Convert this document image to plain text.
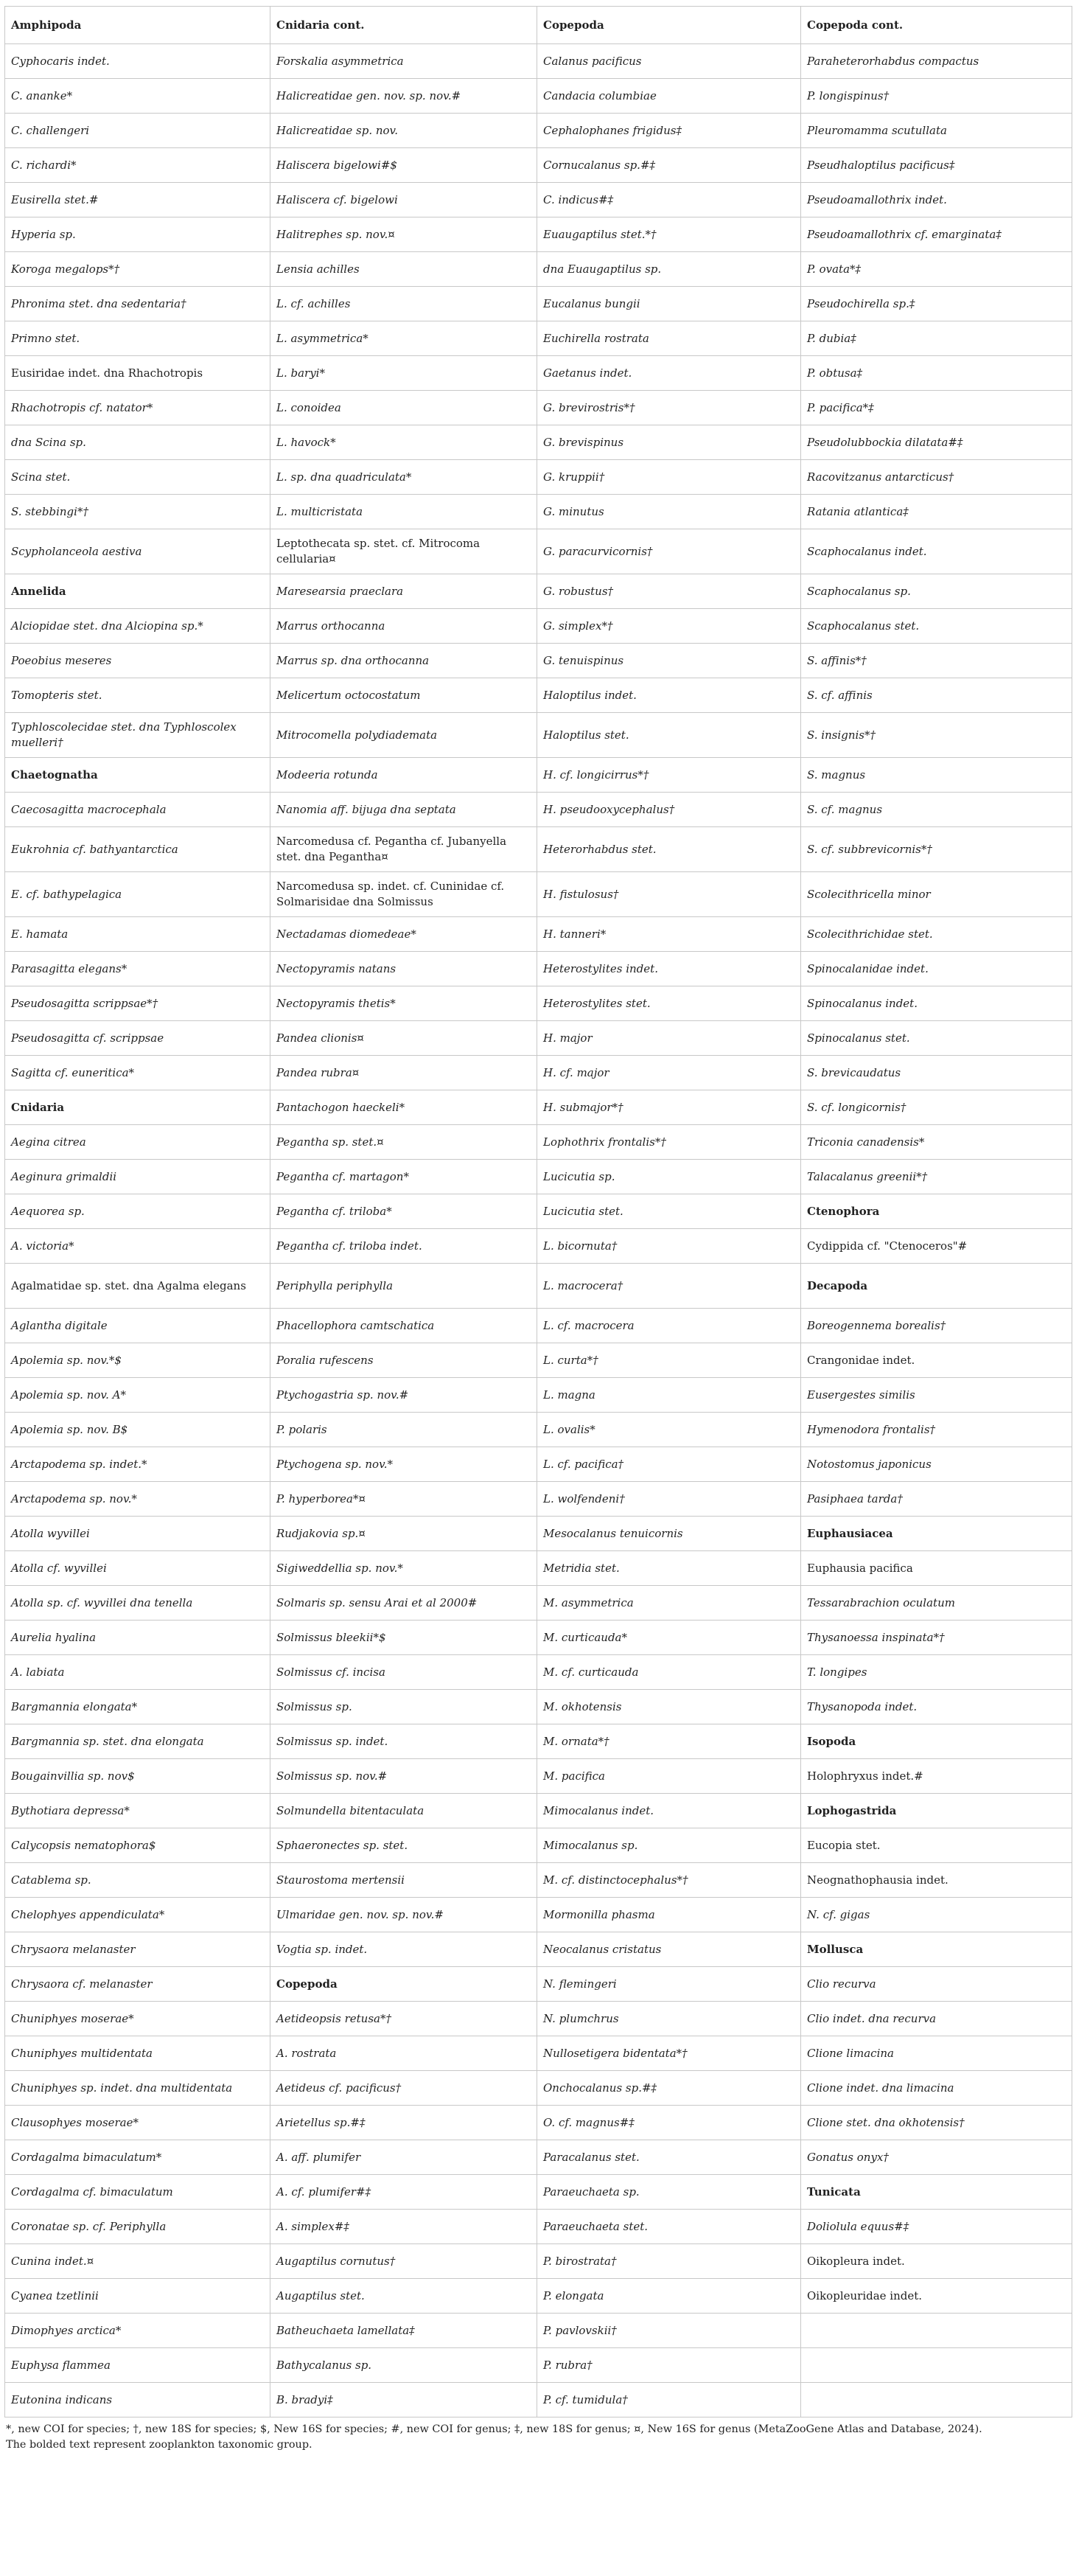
Amphipoda	Cnidaria cont.	Copepoda	Copepoda cont.
Cyphocaris indet.	Forskalia asymmetrica	Calanus pacificus	Paraheterorhabdus compactus
C. ananke*	Halicreatidae gen. nov. sp. nov.#	Candacia columbiae	P. longispinus†
C. challengeri	Halicreatidae sp. nov.	Cephalophanes frigidus‡	Pleuromamma scutullata
C. richardi*	Haliscera bigelowi#$	Cornucalanus sp.#‡	Pseudhaloptilus pacificus‡
Eusirella stet.#	Haliscera cf. bigelowi	C. indicus#‡	Pseudoamallothrix indet.
Hyperia sp.	Halitrephes sp. nov.¤	Euaugaptilus stet.*†	Pseudoamallothrix cf. emarginata‡
Koroga megalops*†	Lensia achilles	dna Euaugaptilus sp.	P. ovata*‡
Phronima stet. dna sedentaria†	L. cf. achilles	Eucalanus bungii	Pseudochirella sp.‡
Primno stet.	L. asymmetrica*	Euchirella rostrata	P. dubia‡
Eusiridae indet. dna Rhachotropis	L. baryi*	Gaetanus indet.	P. obtusa‡
Rhachotropis cf. natator*	L. conoidea	G. brevirostris*†	P. pacifica*‡
dna Scina sp.	L. havock*	G. brevispinus	Pseudolubbockia dilatata#‡
Scina stet.	L. sp. dna quadriculata*	G. kruppii†	Racovitzanus antarcticus†
S. stebbingi*†	L. multicristata	G. minutus	Ratania atlantica‡
Scypholanceola aestiva	Leptothecata sp. stet. cf. Mitrocoma cellularia¤	G. paracurvicornis†	Scaphocalanus indet.
Annelida	Maresearsia praeclara	G. robustus†	Scaphocalanus sp.
Alciopidae stet. dna Alciopina sp.*	Marrus orthocanna	G. simplex*†	Scaphocalanus stet.
Poeobius meseres	Marrus sp. dna orthocanna	G. tenuispinus	S. affinis*†
Tomopteris stet.	Melicertum octocostatum	Haloptilus indet.	S. cf. affinis
Typhloscolecidae stet. dna Typhloscolex muelleri†	Mitrocomella polydiademata	Haloptilus stet.	S. insignis*†
Chaetognatha	Modeeria rotunda	H. cf. longicirrus*†	S. magnus
Caecosagitta macrocephala	Nanomia aff. bijuga dna septata	H. pseudooxycephalus†	S. cf. magnus
Eukrohnia cf. bathyantarctica	Narcomedusa cf. Pegantha cf. Jubanyella stet. dna Pegantha¤	Heterorhabdus stet.	S. cf. subbrevicornis*†
E. cf. bathypelagica	Narcomedusa sp. indet. cf. Cuninidae cf. Solmarisidae dna Solmissus	H. fistulosus†	Scolecithricella minor
E. hamata	Nectadamas diomedeae*	H. tanneri*	Scolecithrichidae stet.
Parasagitta elegans*	Nectopyramis natans	Heterostylites indet.	Spinocalanidae indet.
Pseudosagitta scrippsae*†	Nectopyramis thetis*	Heterostylites stet.	Spinocalanus indet.
Pseudosagitta cf. scrippsae	Pandea clionis¤	H. major	Spinocalanus stet.
Sagitta cf. euneritica*	Pandea rubra¤	H. cf. major	S. brevicaudatus
Cnidaria	Pantachogon haeckeli*	H. submajor*†	S. cf. longicornis†
Aegina citrea	Pegantha sp. stet.¤	Lophothrix frontalis*†	Triconia canadensis*
Aeginura grimaldii	Pegantha cf. martagon*	Lucicutia sp.	Talacalanus greenii*†
Aequorea sp.	Pegantha cf. triloba*	Lucicutia stet.	Ctenophora
A. victoria*	Pegantha cf. triloba indet.	L. bicornuta†	Cydippida cf. "Ctenoceros"#
Agalmatidae sp. stet. dna Agalma elegans	Periphylla periphylla	L. macrocera†	Decapoda
Aglantha digitale	Phacellophora camtschatica	L. cf. macrocera	Boreogennema borealis†
Apolemia sp. nov.*$	Poralia rufescens	L. curta*†	Crangonidae indet.
Apolemia sp. nov. A*	Ptychogastria sp. nov.#	L. magna	Eusergestes similis
Apolemia sp. nov. B$	P. polaris	L. ovalis*	Hymenodora frontalis†
Arctapodema sp. indet.*	Ptychogena sp. nov.*	L. cf. pacifica†	Notostomus japonicus
Arctapodema sp. nov.*	P. hyperborea*¤	L. wolfendeni†	Pasiphaea tarda†
Atolla wyvillei	Rudjakovia sp.¤	Mesocalanus tenuicornis	Euphausiacea
Atolla cf. wyvillei	Sigiweddellia sp. nov.*	Metridia stet.	Euphausia pacifica
Atolla sp. cf. wyvillei dna tenella	Solmaris sp. sensu Arai et al 2000#	M. asymmetrica	Tessarabrachion oculatum
Aurelia hyalina	Solmissus bleekii*$	M. curticauda*	Thysanoessa inspinata*†
A. labiata	Solmissus cf. incisa	M. cf. curticauda	T. longipes
Bargmannia elongata*	Solmissus sp.	M. okhotensis	Thysanopoda indet.
Bargmannia sp. stet. dna elongata	Solmissus sp. indet.	M. ornata*†	Isopoda
Bougainvillia sp. nov$	Solmissus sp. nov.#	M. pacifica	Holophryxus indet.#
Bythotiara depressa*	Solmundella bitentaculata	Mimocalanus indet.	Lophogastrida
Calycopsis nematophora$	Sphaeronectes sp. stet.	Mimocalanus sp.	Eucopia stet.
Catablema sp.	Staurostoma mertensii	M. cf. distinctocephalus*†	Neognathophausia indet.
Chelophyes appendiculata*	Ulmaridae gen. nov. sp. nov.#	Mormonilla phasma	N. cf. gigas
Chrysaora melanaster	Vogtia sp. indet.	Neocalanus cristatus	Mollusca
Chrysaora cf. melanaster	Copepoda	N. flemingeri	Clio recurva
Chuniphyes moserae*	Aetideopsis retusa*†	N. plumchrus	Clio indet. dna recurva
Chuniphyes multidentata	A. rostrata	Nullosetigera bidentata*†	Clione limacina
Chuniphyes sp. indet. dna multidentata	Aetideus cf. pacificus†	Onchocalanus sp.#‡	Clione indet. dna limacina
Clausophyes moserae*	Arietellus sp.#‡	O. cf. magnus#‡	Clione stet. dna okhotensis†
Cordagalma bimaculatum*	A. aff. plumifer	Paracalanus stet.	Gonatus onyx†
Cordagalma cf. bimaculatum	A. cf. plumifer#‡	Paraeuchaeta sp.	Tunicata
Coronatae sp. cf. Periphylla	A. simplex#‡	Paraeuchaeta stet.	Doliolula equus#‡
Cunina indet.¤	Augaptilus cornutus†	P. birostrata†	Oikopleura indet.
Cyanea tzetlinii	Augaptilus stet.	P. elongata	Oikopleuridae indet.
Dimophyes arctica*	Batheuchaeta lamellata‡	P. pavlovskii†	
Euphysa flammea	Bathycalanus sp.	P. rubra†	
Eutonina indicans	B. bradyi‡	P. cf. tumidula†	
*, new COI for species; †, new 18S for species; $, New 16S for species; #, new COI for genus; ‡, new 18S for genus; ¤, New 16S for genus (MetaZooGene Atlas and Database, 2024).
The bolded text represent zooplankton taxonomic group.
